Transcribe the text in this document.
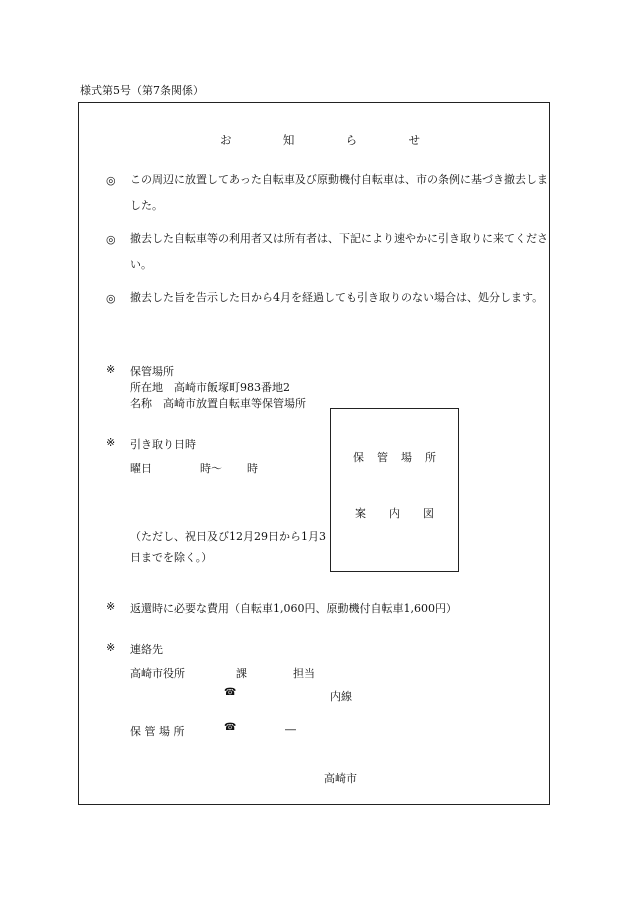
様式第5号（第7条関係）
お	知	ら	せ
◎ この周辺に放置してあった自転車及び原動機付自転車は、市の条例に基づき撤去しました。
◎ 撤去した自転車等の利用者又は所有者は、下記により速やかに引き取りに来てください。
◎ 撤去した旨を告示した日から4月を経過しても引き取りのない場合は、処分します。
※ 保管場所
所在地　高崎市飯塚町983番地2
名称　高崎市放置自転車等保管場所
※ 引き取り日時
曜日	時～ 時
（ただし、祝日及び12月29日から1月3
日までを除く。）
保 管 場 所
案 内 図
※ 返還時に必要な費用（自転車1,060円、原動機付自転車1,600円）
※ 連絡先
高崎市役所	課	担当
☎	内線
保 管 場 所	☎	―
高崎市
